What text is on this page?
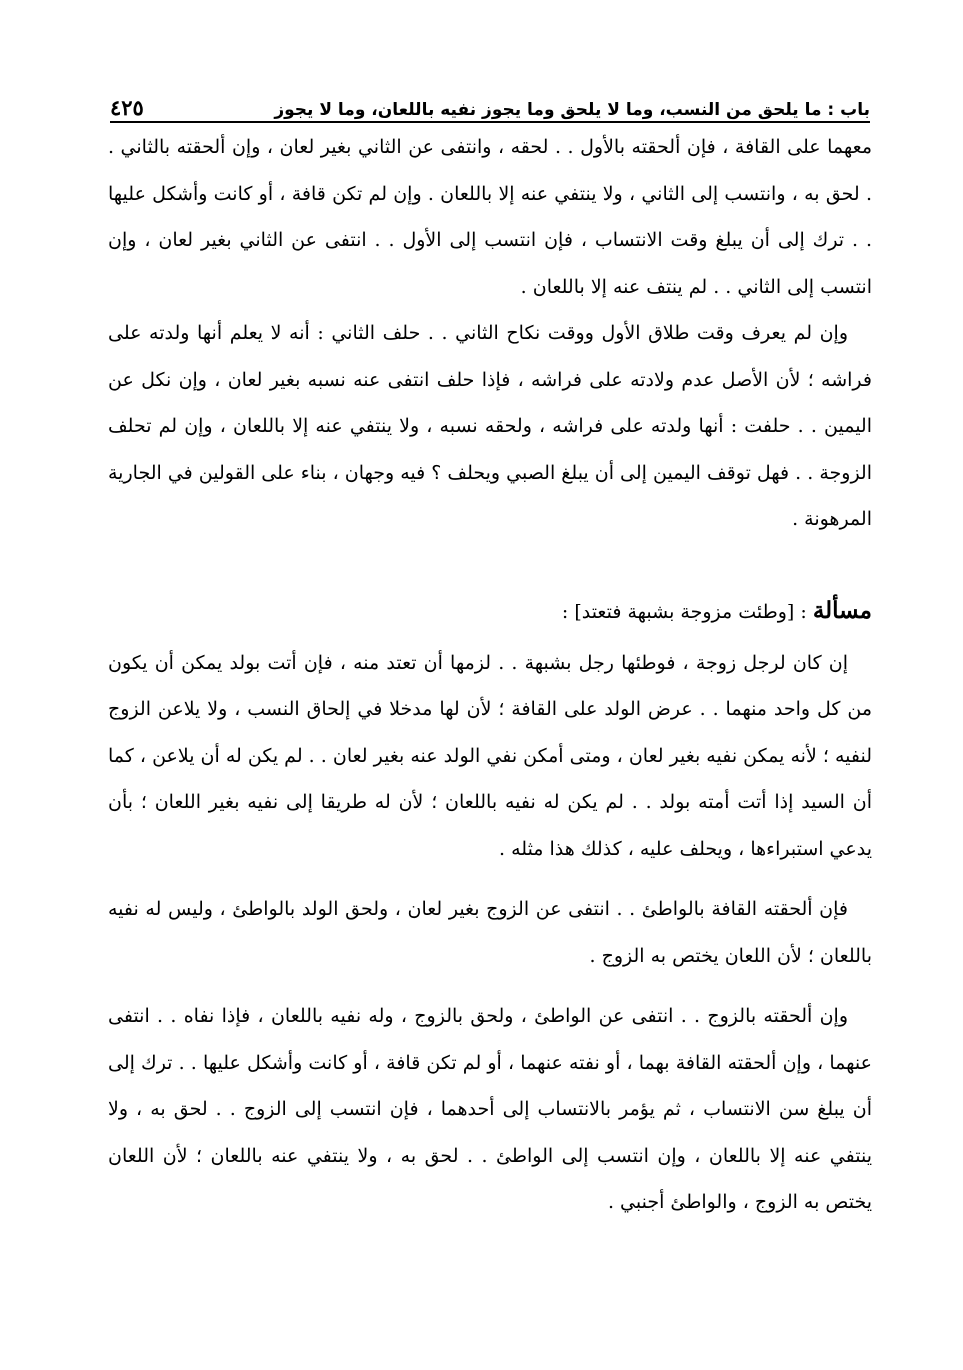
باب : ما يلحق من النسب، وما لا يلحق وما يجوز نفيه باللعان، وما لا يجوز
٤٢٥

معهما على القافة ، فإن ألحقته بالأول . . لحقه ، وانتفى عن الثاني بغير لعان ، وإن ألحقته بالثاني . . لحق به ، وانتسب إلى الثاني ، ولا ينتفي عنه إلا باللعان . وإن لم تكن قافة ، أو كانت وأشكل عليها . . ترك إلى أن يبلغ وقت الانتساب ، فإن انتسب إلى الأول . . انتفى عن الثاني بغير لعان ، وإن انتسب إلى الثاني . . لم ينتف عنه إلا باللعان .

وإن لم يعرف وقت طلاق الأول ووقت نكاح الثاني . . حلف الثاني : أنه لا يعلم أنها ولدته على فراشه ؛ لأن الأصل عدم ولادته على فراشه ، فإذا حلف انتفى عنه نسبه بغير لعان ، وإن نكل عن اليمين . . حلفت : أنها ولدته على فراشه ، ولحقه نسبه ، ولا ينتفي عنه إلا باللعان ، وإن لم تحلف الزوجة . . فهل توقف اليمين إلى أن يبلغ الصبي ويحلف ؟ فيه وجهان ، بناء على القولين في الجارية المرهونة .

مسألة : [وطئت مزوجة بشبهة فتعتد] :

إن كان لرجل زوجة ، فوطئها رجل بشبهة . . لزمها أن تعتد منه ، فإن أتت بولد يمكن أن يكون من كل واحد منهما . . عرض الولد على القافة ؛ لأن لها مدخلا في إلحاق النسب ، ولا يلاعن الزوج لنفيه ؛ لأنه يمكن نفيه بغير لعان ، ومتى أمكن نفي الولد عنه بغير لعان . . لم يكن له أن يلاعن ، كما أن السيد إذا أتت أمته بولد . . لم يكن له نفيه باللعان ؛ لأن له طريقا إلى نفيه بغير اللعان ؛ بأن يدعي استبراءها ، ويحلف عليه ، كذلك هذا مثله .

فإن ألحقته القافة بالواطئ . . انتفى عن الزوج بغير لعان ، ولحق الولد بالواطئ ، وليس له نفيه باللعان ؛ لأن اللعان يختص به الزوج .

وإن ألحقته بالزوج . . انتفى عن الواطئ ، ولحق بالزوج ، وله نفيه باللعان ، فإذا نفاه . . انتفى عنهما ، وإن ألحقته القافة بهما ، أو نفته عنهما ، أو لم تكن قافة ، أو كانت وأشكل عليها . . ترك إلى أن يبلغ سن الانتساب ، ثم يؤمر بالانتساب إلى أحدهما ، فإن انتسب إلى الزوج . . لحق به ، ولا ينتفي عنه إلا باللعان ، وإن انتسب إلى الواطئ . . لحق به ، ولا ينتفي عنه باللعان ؛ لأن اللعان يختص به الزوج ، والواطئ أجنبي .
